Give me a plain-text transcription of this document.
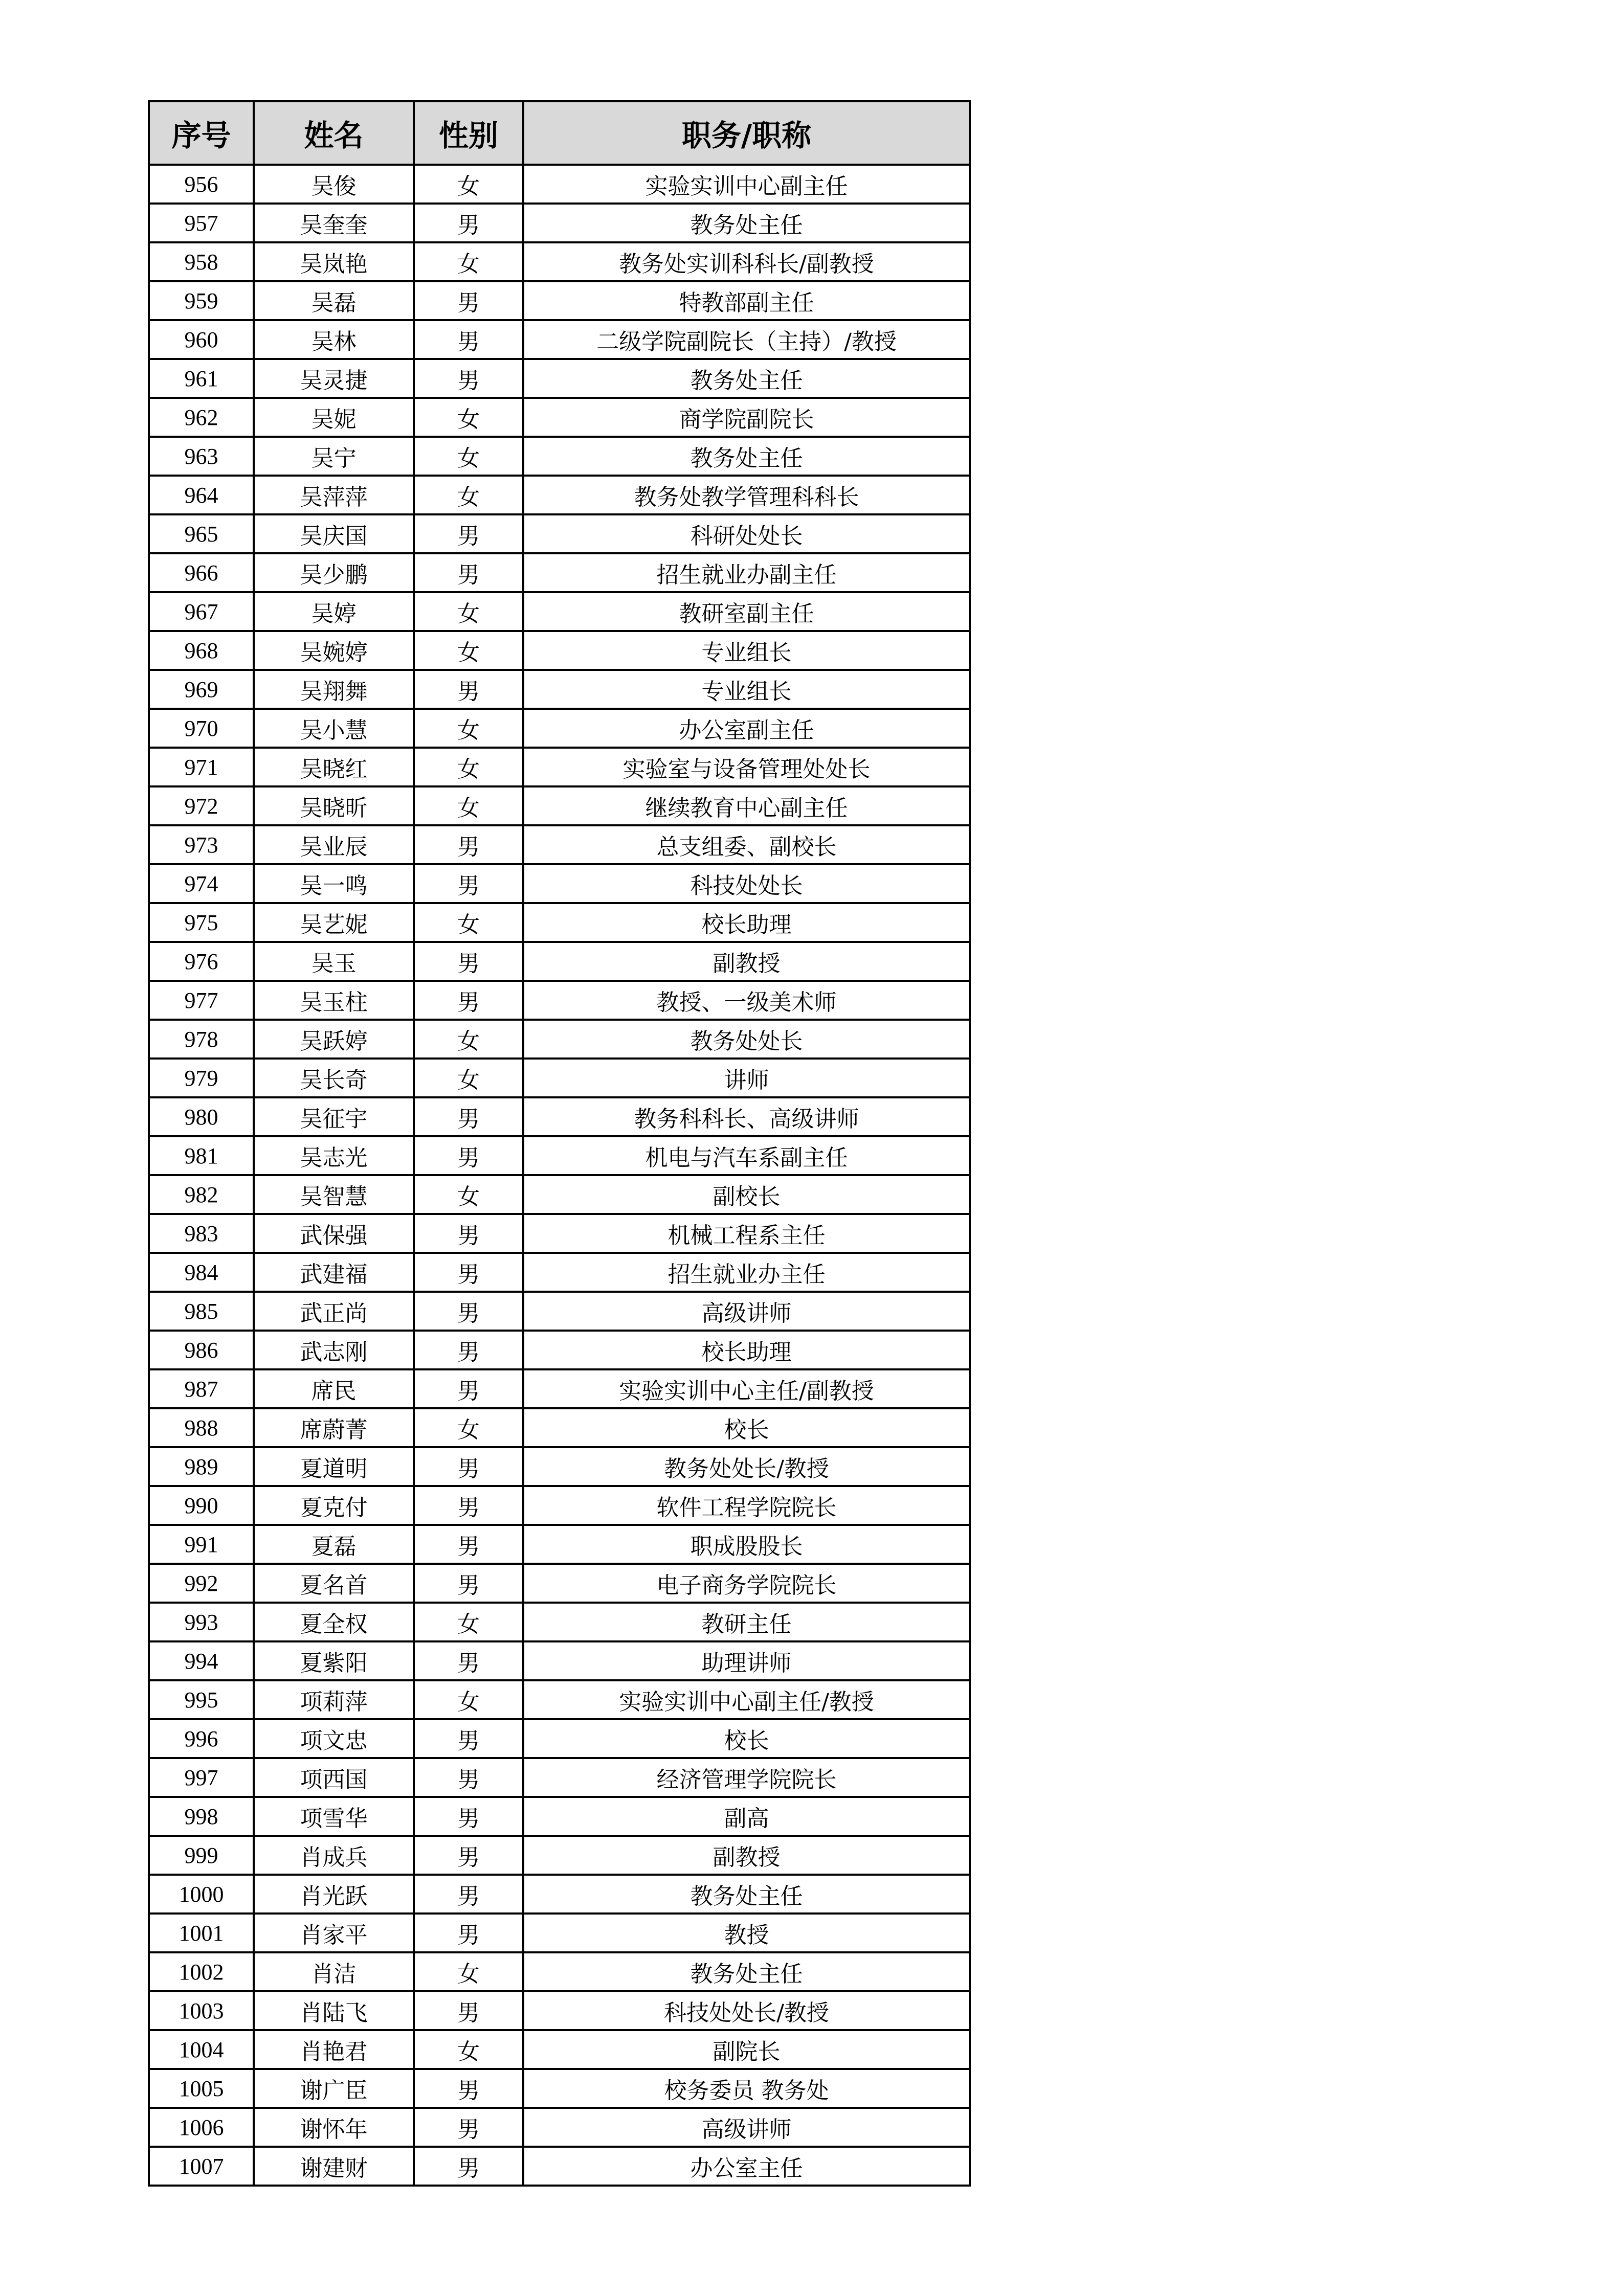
序号	姓名	性别	职务/职称
956	吴俊	女	实验实训中心副主任
957	吴奎奎	男	教务处主任
958	吴岚艳	女	教务处实训科科长/副教授
959	吴磊	男	特教部副主任
960	吴林	男	二级学院副院长（主持）/教授
961	吴灵捷	男	教务处主任
962	吴妮	女	商学院副院长
963	吴宁	女	教务处主任
964	吴萍萍	女	教务处教学管理科科长
965	吴庆国	男	科研处处长
966	吴少鹏	男	招生就业办副主任
967	吴婷	女	教研室副主任
968	吴婉婷	女	专业组长
969	吴翔舞	男	专业组长
970	吴小慧	女	办公室副主任
971	吴晓红	女	实验室与设备管理处处长
972	吴晓昕	女	继续教育中心副主任
973	吴业辰	男	总支组委、副校长
974	吴一鸣	男	科技处处长
975	吴艺妮	女	校长助理
976	吴玉	男	副教授
977	吴玉柱	男	教授、一级美术师
978	吴跃婷	女	教务处处长
979	吴长奇	女	讲师
980	吴征宇	男	教务科科长、高级讲师
981	吴志光	男	机电与汽车系副主任
982	吴智慧	女	副校长
983	武保强	男	机械工程系主任
984	武建福	男	招生就业办主任
985	武正尚	男	高级讲师
986	武志刚	男	校长助理
987	席民	男	实验实训中心主任/副教授
988	席蔚菁	女	校长
989	夏道明	男	教务处处长/教授
990	夏克付	男	软件工程学院院长
991	夏磊	男	职成股股长
992	夏名首	男	电子商务学院院长
993	夏全权	女	教研主任
994	夏紫阳	男	助理讲师
995	项莉萍	女	实验实训中心副主任/教授
996	项文忠	男	校长
997	项西国	男	经济管理学院院长
998	项雪华	男	副高
999	肖成兵	男	副教授
1000	肖光跃	男	教务处主任
1001	肖家平	男	教授
1002	肖洁	女	教务处主任
1003	肖陆飞	男	科技处处长/教授
1004	肖艳君	女	副院长
1005	谢广臣	男	校务委员 教务处
1006	谢怀年	男	高级讲师
1007	谢建财	男	办公室主任
